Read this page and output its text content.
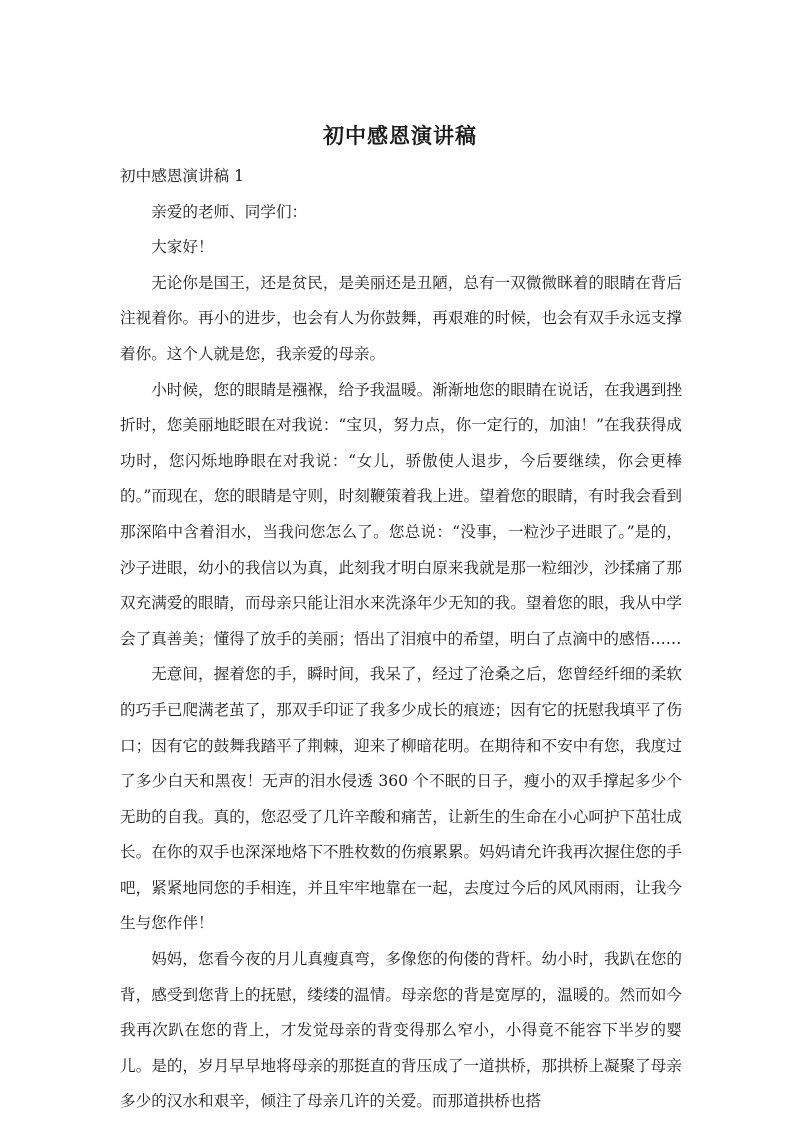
初中感恩演讲稿

初中感恩演讲稿 1

亲爱的老师、同学们：

大家好！

无论你是国王，还是贫民，是美丽还是丑陋，总有一双微微眯着的眼睛在背后注视着你。再小的进步，也会有人为你鼓舞，再艰难的时候，也会有双手永远支撑着你。这个人就是您，我亲爱的母亲。

小时候，您的眼睛是襁褓，给予我温暖。渐渐地您的眼睛在说话，在我遇到挫折时，您美丽地眨眼在对我说：“宝贝，努力点，你一定行的，加油！”在我获得成功时，您闪烁地睁眼在对我说：“女儿，骄傲使人退步，今后要继续，你会更棒的。”而现在，您的眼睛是守则，时刻鞭策着我上进。望着您的眼睛，有时我会看到那深陷中含着泪水，当我问您怎么了。您总说：“没事，一粒沙子进眼了。”是的，沙子进眼，幼小的我信以为真，此刻我才明白原来我就是那一粒细沙，沙揉痛了那双充满爱的眼睛，而母亲只能让泪水来洗涤年少无知的我。望着您的眼，我从中学会了真善美；懂得了放手的美丽；悟出了泪痕中的希望，明白了点滴中的感悟……

无意间，握着您的手，瞬时间，我呆了，经过了沧桑之后，您曾经纤细的柔软的巧手已爬满老茧了，那双手印证了我多少成长的痕迹；因有它的抚慰我填平了伤口；因有它的鼓舞我踏平了荆棘，迎来了柳暗花明。在期待和不安中有您，我度过了多少白天和黑夜！无声的泪水侵透 360 个不眠的日子，瘦小的双手撑起多少个无助的自我。真的，您忍受了几许辛酸和痛苦，让新生的生命在小心呵护下茁壮成长。在你的双手也深深地烙下不胜枚数的伤痕累累。妈妈请允许我再次握住您的手吧，紧紧地同您的手相连，并且牢牢地靠在一起，去度过今后的风风雨雨，让我今生与您作伴！

妈妈，您看今夜的月儿真瘦真弯，多像您的佝偻的背杆。幼小时，我趴在您的背，感受到您背上的抚慰，缕缕的温情。母亲您的背是宽厚的，温暖的。然而如今我再次趴在您的背上，才发觉母亲的背变得那么窄小，小得竟不能容下半岁的婴儿。是的，岁月早早地将母亲的那挺直的背压成了一道拱桥，那拱桥上凝聚了母亲多少的汉水和艰辛，倾注了母亲几许的关爱。而那道拱桥也搭
